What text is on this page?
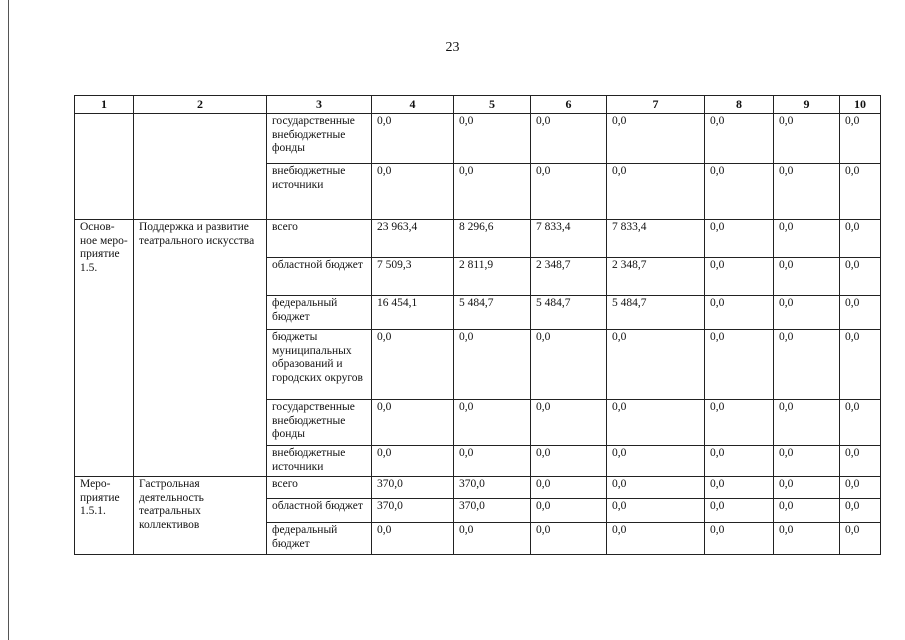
23
1	2	3	4	5	6	7	8	9	10
		государственные внебюджетные фонды	0,0	0,0	0,0	0,0	0,0	0,0	0,0
		внебюджетные источники	0,0	0,0	0,0	0,0	0,0	0,0	0,0
Основ-ное меро-приятие 1.5.	Поддержка и развитие театрального искусства	всего	23 963,4	8 296,6	7 833,4	7 833,4	0,0	0,0	0,0
		областной бюджет	7 509,3	2 811,9	2 348,7	2 348,7	0,0	0,0	0,0
		федеральный бюджет	16 454,1	5 484,7	5 484,7	5 484,7	0,0	0,0	0,0
		бюджеты муниципальных образований и городских округов	0,0	0,0	0,0	0,0	0,0	0,0	0,0
		государственные внебюджетные фонды	0,0	0,0	0,0	0,0	0,0	0,0	0,0
		внебюджетные источники	0,0	0,0	0,0	0,0	0,0	0,0	0,0
Меро-приятие 1.5.1.	Гастрольная деятельность театральных коллективов	всего	370,0	370,0	0,0	0,0	0,0	0,0	0,0
		областной бюджет	370,0	370,0	0,0	0,0	0,0	0,0	0,0
		федеральный бюджет	0,0	0,0	0,0	0,0	0,0	0,0	0,0
